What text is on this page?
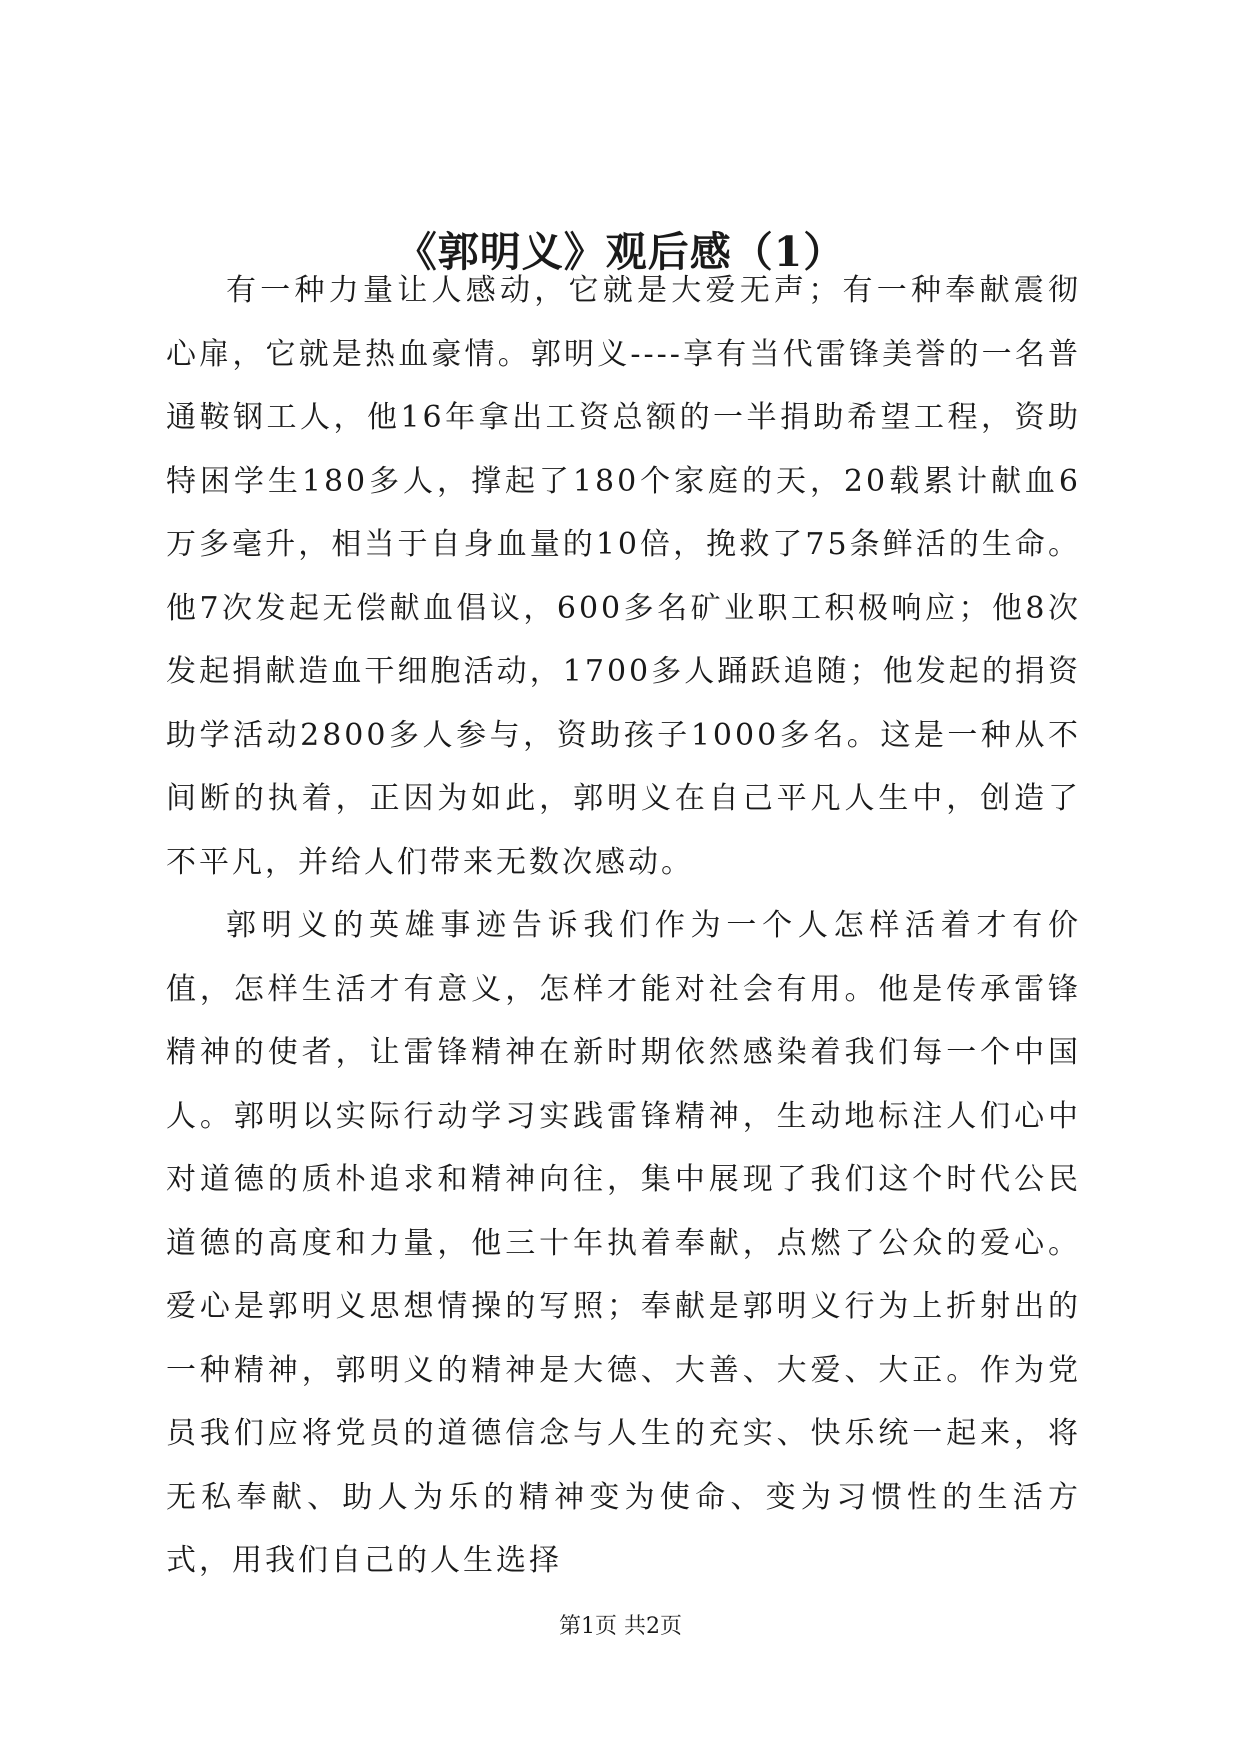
《郭明义》观后感（1）

有一种力量让人感动，它就是大爱无声；有一种奉献震彻心扉，它就是热血豪情。郭明义----享有当代雷锋美誉的一名普通鞍钢工人，他16年拿出工资总额的一半捐助希望工程，资助特困学生180多人，撑起了180个家庭的天，20载累计献血6万多毫升，相当于自身血量的10倍，挽救了75条鲜活的生命。他7次发起无偿献血倡议，600多名矿业职工积极响应；他8次发起捐献造血干细胞活动，1700多人踊跃追随；他发起的捐资助学活动2800多人参与，资助孩子1000多名。这是一种从不间断的执着，正因为如此，郭明义在自己平凡人生中，创造了不平凡，并给人们带来无数次感动。

郭明义的英雄事迹告诉我们作为一个人怎样活着才有价值，怎样生活才有意义，怎样才能对社会有用。他是传承雷锋精神的使者，让雷锋精神在新时期依然感染着我们每一个中国人。郭明以实际行动学习实践雷锋精神，生动地标注人们心中对道德的质朴追求和精神向往，集中展现了我们这个时代公民道德的高度和力量，他三十年执着奉献，点燃了公众的爱心。爱心是郭明义思想情操的写照；奉献是郭明义行为上折射出的一种精神，郭明义的精神是大德、大善、大爱、大正。作为党员我们应将党员的道德信念与人生的充实、快乐统一起来，将无私奉献、助人为乐的精神变为使命、变为习惯性的生活方式，用我们自己的人生选择

第1页 共2页
